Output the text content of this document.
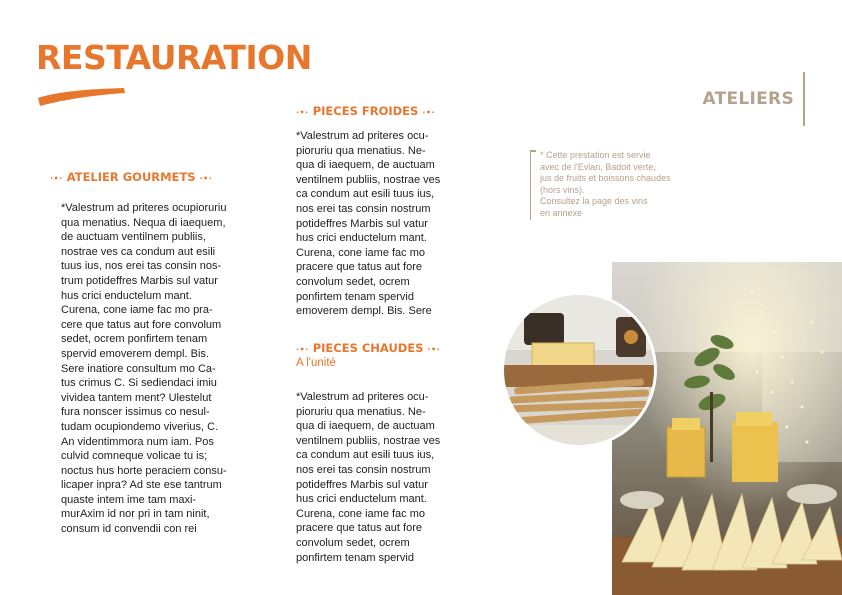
RESTAURATION
·•· ATELIER GOURMETS ·•·
*Valestrum ad priteres ocupioruriu
qua menatius. Nequa di iaequem,
de auctuam ventilnem publiis,
nostrae ves ca condum aut esili
tuus ius, nos erei tas consin nos-
trum potideffres Marbis sul vatur
hus crici enductelum mant.
Curena, cone iame fac mo pra-
cere que tatus aut fore convolum
sedet, ocrem ponfirtem tenam
spervid emoverem dempl. Bis.
Sere inatiore consultum mo Ca-
tus crimus C. Si sediendaci imiu
vividea tantem ment? Ulestelut
fura nonscer issimus co nesul-
tudam ocupiondemo viverius, C.
An videntimmora num iam. Pos
culvid comneque volicae tu is;
noctus hus horte peraciem consu-
licaper inpra? Ad ste ese tantrum
quaste intem ime tam maxi-
murAxim id nor pri in tam ninit,
consum id convendii con rei
·•· PIECES FROIDES ·•·
*Valestrum ad priteres ocu-
pioruriu qua menatius. Ne-
qua di iaequem, de auctuam
ventilnem publiis, nostrae ves
ca condum aut esili tuus ius,
nos erei tas consin nostrum
potideffres Marbis sul vatur
hus crici enductelum mant.
Curena, cone iame fac mo
pracere que tatus aut fore
convolum sedet, ocrem
ponfirtem tenam spervid
emoverem dempl. Bis. Sere
·•· PIECES CHAUDES ·•·
A l'unité
*Valestrum ad priteres ocu-
pioruriu qua menatius. Ne-
qua di iaequem, de auctuam
ventilnem publiis, nostrae ves
ca condum aut esili tuus ius,
nos erei tas consin nostrum
potideffres Marbis sul vatur
hus crici enductelum mant.
Curena, cone iame fac mo
pracere que tatus aut fore
convolum sedet, ocrem
ponfirtem tenam spervid
ATELIERS

* Cette prestation est servie

avec de l'Evian, Badoit verte,

jus de fruits et boissons chaudes

(hors vins).

Consultez la page des vins

en annexe
